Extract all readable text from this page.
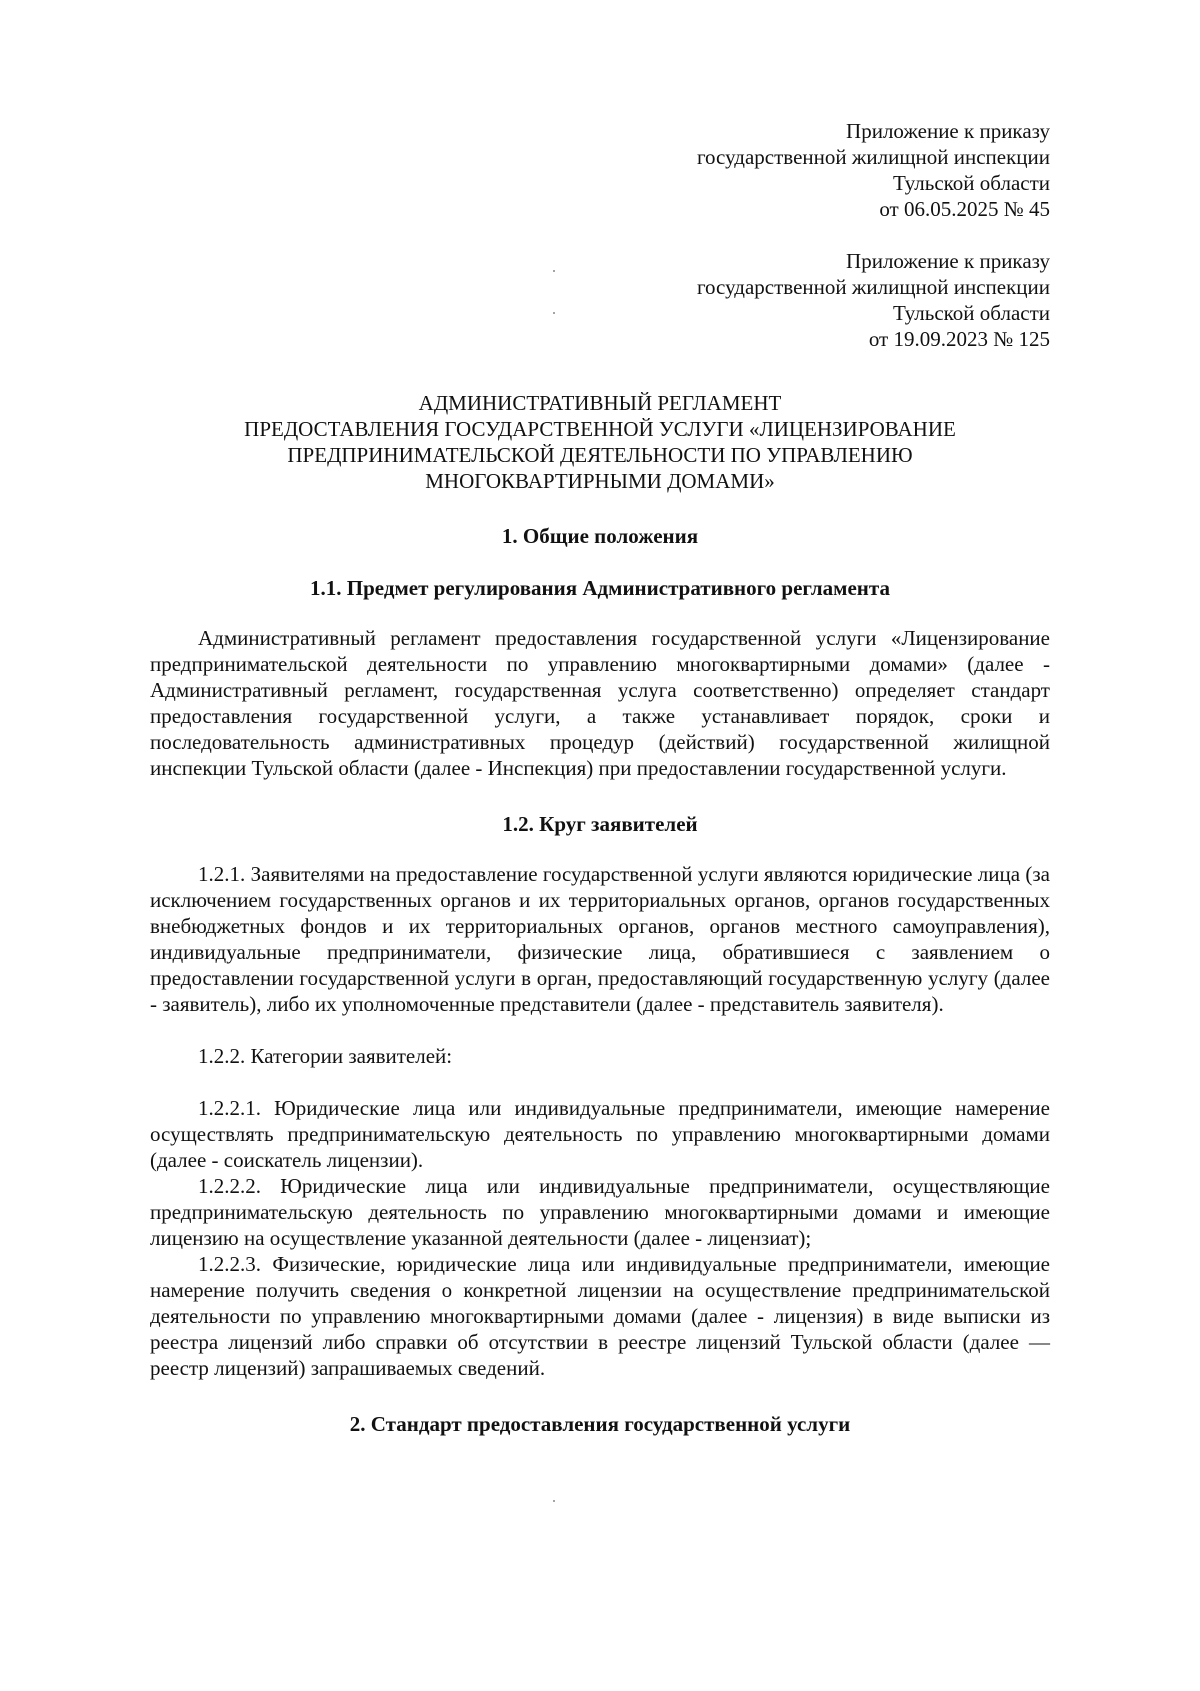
Приложение к приказу

государственной жилищной инспекции

Тульской области

от 06.05.2025 № 45

Приложение к приказу

государственной жилищной инспекции

Тульской области

от 19.09.2023 № 125

АДМИНИСТРАТИВНЫЙ РЕГЛАМЕНТ

ПРЕДОСТАВЛЕНИЯ ГОСУДАРСТВЕННОЙ УСЛУГИ «ЛИЦЕНЗИРОВАНИЕ

ПРЕДПРИНИМАТЕЛЬСКОЙ ДЕЯТЕЛЬНОСТИ ПО УПРАВЛЕНИЮ

МНОГОКВАРТИРНЫМИ ДОМАМИ»

1. Общие положения
1.1. Предмет регулирования Административного регламента

Административный регламент предоставления государственной услуги «Лицензирование предпринимательской деятельности по управлению многоквартирными домами» (далее - Административный регламент, государственная услуга соответственно) определяет стандарт предоставления государственной услуги, а также устанавливает порядок, сроки и последовательность административных процедур (действий) государственной жилищной инспекции Тульской области (далее - Инспекция) при предоставлении государственной услуги.

1.2. Круг заявителей

1.2.1. Заявителями на предоставление государственной услуги являются юридические лица (за исключением государственных органов и их территориальных органов, органов государственных внебюджетных фондов и их территориальных органов, органов местного самоуправления), индивидуальные предприниматели, физические лица, обратившиеся с заявлением о предоставлении государственной услуги в орган, предоставляющий государственную услугу (далее - заявитель), либо их уполномоченные представители (далее - представитель заявителя).

1.2.2. Категории заявителей:

1.2.2.1. Юридические лица или индивидуальные предприниматели, имеющие намерение осуществлять предпринимательскую деятельность по управлению многоквартирными домами (далее - соискатель лицензии).

1.2.2.2. Юридические лица или индивидуальные предприниматели, осуществляющие предпринимательскую деятельность по управлению многоквартирными домами и имеющие лицензию на осуществление указанной деятельности (далее - лицензиат);

1.2.2.3. Физические, юридические лица или индивидуальные предприниматели, имеющие намерение получить сведения о конкретной лицензии на осуществление предпринимательской деятельности по управлению многоквартирными домами (далее - лицензия) в виде выписки из реестра лицензий либо справки об отсутствии в реестре лицензий Тульской области (далее — реестр лицензий) запрашиваемых сведений.

2. Стандарт предоставления государственной услуги
